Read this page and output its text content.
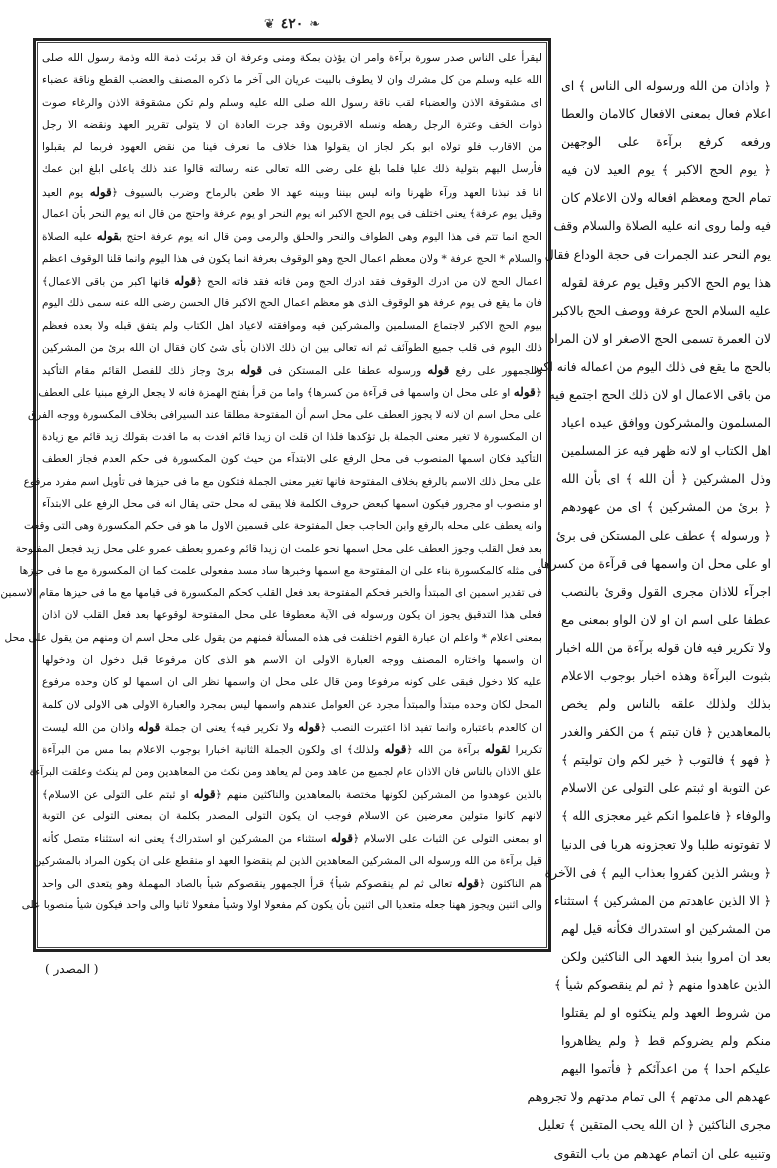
❦ ٤٢٠ ❧
ليقرأ على الناس صدر سورة برآءة وامر ان يؤذن بمكة ومنى وعرفة ان قد برئت ذمة الله وذمة رسول الله صلى
الله عليه وسلم من كل مشرك وان لا يطوف بالبيت عريان الى آخر ما ذكره المصنف والعضب القطع وناقة عضباء
اى مشقوقة الاذن والعضباء لقب ناقة رسول الله صلى الله عليه وسلم ولم تكن مشقوقة الاذن والرغاء صوت
ذوات الخف وعترة الرجل رهطه ونسله الاقربون وقد جرت العادة ان لا يتولى تقرير العهد ونقضه الا رجل
من الاقارب فلو تولاه ابو بكر لجاز ان يقولوا هذا خلاف ما نعرف فينا من نقض العهود فربما لم يقبلوا
فأرسل اليهم بتولية ذلك عليا فلما بلغ على رضى الله تعالى عنه رسالته قالوا عند ذلك ياعلى ابلغ ابن عمك
انا قد نبذنا العهد ورآء ظهرنا وانه ليس بيننا وبينه عهد الا طعن بالرماح وضرب بالسيوف ﴿قوله يوم العيد
وقيل يوم عرفة﴾ يعنى اختلف فى يوم الحج الاكبر انه يوم النحر او يوم عرفة واحتج من قال انه يوم النحر بأن اعمال
الحج انما تتم فى هذا اليوم وهى الطواف والنحر والحلق والرمى ومن قال انه يوم عرفة احتج بقوله عليه الصلاة
والسلام * الحج عرفة * ولان معظم اعمال الحج وهو الوقوف بعرفة انما يكون فى هذا اليوم وانما قلنا الوقوف اعظم
اعمال الحج لان من ادرك الوقوف فقد ادرك الحج ومن فاته فقد فاته الحج ﴿قوله فانها اكبر من باقى الاعمال﴾
فان ما يقع فى يوم عرفة هو الوقوف الذى هو معظم اعمال الحج الاكبر قال الحسن رضى الله عنه سمى ذلك اليوم
بيوم الحج الاكبر لاجتماع المسلمين والمشركين فيه وموافقته لاعياد اهل الكتاب ولم يتفق قبله ولا بعده فعظم
ذلك اليوم فى قلب جميع الطوآئف ثم انه تعالى بين ان ذلك الاذان بأى شئ كان فقال ان الله برئ من المشركين
والجمهور على رفع قوله ورسوله عطفا على المستكن فى قوله برئ وجاز ذلك للفصل القائم مقام التأكيد
﴿قوله او على محل ان واسمها فى قرآءة من كسرها﴾ واما من قرأ بفتح الهمزة فانه لا يجعل الرفع مبنيا على العطف
على محل اسم ان لانه لا يجوز العطف على محل اسم أن المفتوحة مطلقا عند السيرافى بخلاف المكسورة ووجه الفرق
ان المكسورة لا تغير معنى الجملة بل تؤكدها فلذا ان قلت ان زيدا قائم افدت به ما افدت بقولك زيد قائم مع زيادة
التأكيد فكان اسمها المنصوب فى محل الرفع على الابتدآء من حيث كون المكسورة فى حكم العدم فجاز العطف
على محل ذلك الاسم بالرفع بخلاف المفتوحة فانها تغير معنى الجملة فتكون مع ما فى حيزها فى تأويل اسم مفرد مرفوع
او منصوب او مجرور فيكون اسمها كبعض حروف الكلمة فلا يبقى له محل حتى يقال انه فى محل الرفع على الابتدآء
وانه يعطف على محله بالرفع وابن الحاجب جعل المفتوحة على قسمين الاول ما هو فى حكم المكسورة وهى التى وقعت
بعد فعل القلب وجوز العطف على محل اسمها نحو علمت ان زيدا قائم وعمرو بعطف عمرو على محل زيد فجعل المفتوحة
فى مثله كالمكسورة بناء على ان المفتوحة مع اسمها وخبرها ساد مسد مفعولى علمت كما ان المكسورة مع ما فى حيزها
فى تقدير اسمين اى المبتدأ والخبر فحكم المفتوحة بعد فعل القلب كحكم المكسورة فى قيامها مع ما فى حيزها مقام الاسمين
فعلى هذا التدقيق يجوز ان يكون ورسوله فى الآية معطوفا على محل المفتوحة لوقوعها بعد فعل القلب لان اذان
بمعنى اعلام * واعلم ان عبارة القوم اختلفت فى هذه المسألة فمنهم من يقول على محل اسم ان ومنهم من يقول على محل
ان واسمها واختاره المصنف ووجه العبارة الاولى ان الاسم هو الذى كان مرفوعا قبل دخول ان ودخولها
عليه كلا دخول فبقى على كونه مرفوعا ومن قال على محل ان واسمها نظر الى ان اسمها لو كان وحده مرفوع
المحل لكان وحده مبتدأ والمبتدأ مجرد عن العوامل عندهم واسمها ليس بمجرد والعبارة الاولى هى الاولى لان كلمة
ان كالعدم باعتباره وانما تفيد اذا اعتبرت النصب ﴿قوله ولا تكرير فيه﴾ يعنى ان جملة قوله واذان من الله ليست
تكريرا لقوله برآءة من الله ﴿قوله ولذلك﴾ اى ولكون الجملة الثانية اخبارا بوجوب الاعلام بما مس من البرآءة
علق الاذان بالناس فان الاذان عام لجميع من عاهد ومن لم يعاهد ومن نكث من المعاهدين ومن لم ينكث وعلقت البرآءة
بالذين عوهدوا من المشركين لكونها مختصة بالمعاهدين والناكثين منهم ﴿قوله او ثبتم على التولى عن الاسلام﴾
لانهم كانوا متولين معرضين عن الاسلام فوجب ان يكون التولى المصدر بكلمة ان بمعنى التولى عن التوبة
او بمعنى التولى عن الثبات على الاسلام ﴿قوله استثناء من المشركين او استدراك﴾ يعنى انه استثناء متصل كأنه
قيل برآءة من الله ورسوله الى المشركين المعاهدين الذين لم ينقضوا العهد او منقطع على ان يكون المراد بالمشركين
هم الناكثون ﴿قوله تعالى ثم لم ينقصوكم شيأ﴾ قرأ الجمهور ينقصوكم شيأ بالصاد المهملة وهو يتعدى الى واحد
والى اثنين ويجوز ههنا جعله متعديا الى اثنين بأن يكون كم مفعولا اولا وشيأ مفعولا ثانيا والى واحد فيكون شيأ منصوبا على
﴿ واذان من الله ورسوله الى الناس ﴾ اى
اعلام فعال بمعنى الافعال كالامان والعطا
ورفعه كرفع برآءة على الوجهين
﴿ يوم الحج الاكبر ﴾ يوم العيد لان فيه
تمام الحج ومعظم افعاله ولان الاعلام كان
فيه ولما روى انه عليه الصلاة والسلام وقف
يوم النحر عند الجمرات فى حجة الوداع فقال
هذا يوم الحج الاكبر وقيل يوم عرفة لقوله
عليه السلام الحج عرفة ووصف الحج بالاكبر
لان العمرة تسمى الحج الاصغر او لان المراد
بالحج ما يقع فى ذلك اليوم من اعماله فانه اكبر
من باقى الاعمال او لان ذلك الحج اجتمع فيه
المسلمون والمشركون ووافق عيده اعياد
اهل الكتاب او لانه ظهر فيه عز المسلمين
وذل المشركين ﴿ أن الله ﴾ اى بأن الله
﴿ برئ من المشركين ﴾ اى من عهودهم
﴿ ورسوله ﴾ عطف على المستكن فى برئ
او على محل ان واسمها فى قرآءة من كسرها
اجرآء للاذان مجرى القول وقرئ بالنصب
عطفا على اسم ان او لان الواو بمعنى مع
ولا تكرير فيه فان قوله برآءة من الله اخبار
بثبوت البرآءة وهذه اخبار بوجوب الاعلام
بذلك ولذلك علقه بالناس ولم يخص
بالمعاهدين ﴿ فان تبتم ﴾ من الكفر والغدر
﴿ فهو ﴾ فالتوب ﴿ خير لكم وان توليتم ﴾
عن التوبة او ثبتم على التولى عن الاسلام
والوفاء ﴿ فاعلموا انكم غير معجزى الله ﴾
لا تفوتونه طلبا ولا تعجزونه هربا فى الدنيا
﴿ وبشر الذين كفروا بعذاب اليم ﴾ فى الآخرة
﴿ الا الذين عاهدتم من المشركين ﴾ استثناء
من المشركين او استدراك فكأنه قيل لهم
بعد ان امروا بنبذ العهد الى الناكثين ولكن
الذين عاهدوا منهم ﴿ ثم لم ينقصوكم شيأ ﴾
من شروط العهد ولم ينكثوه او لم يقتلوا
منكم ولم يضروكم قط ﴿ ولم يظاهروا
عليكم احدا ﴾ من اعدآئكم ﴿ فأتموا اليهم
عهدهم الى مدتهم ﴾ الى تمام مدتهم ولا تجروهم
مجرى الناكثين ﴿ ان الله يحب المتقين ﴾ تعليل
وتنبيه على ان اتمام عهدهم من باب التقوى
( المصدر )
